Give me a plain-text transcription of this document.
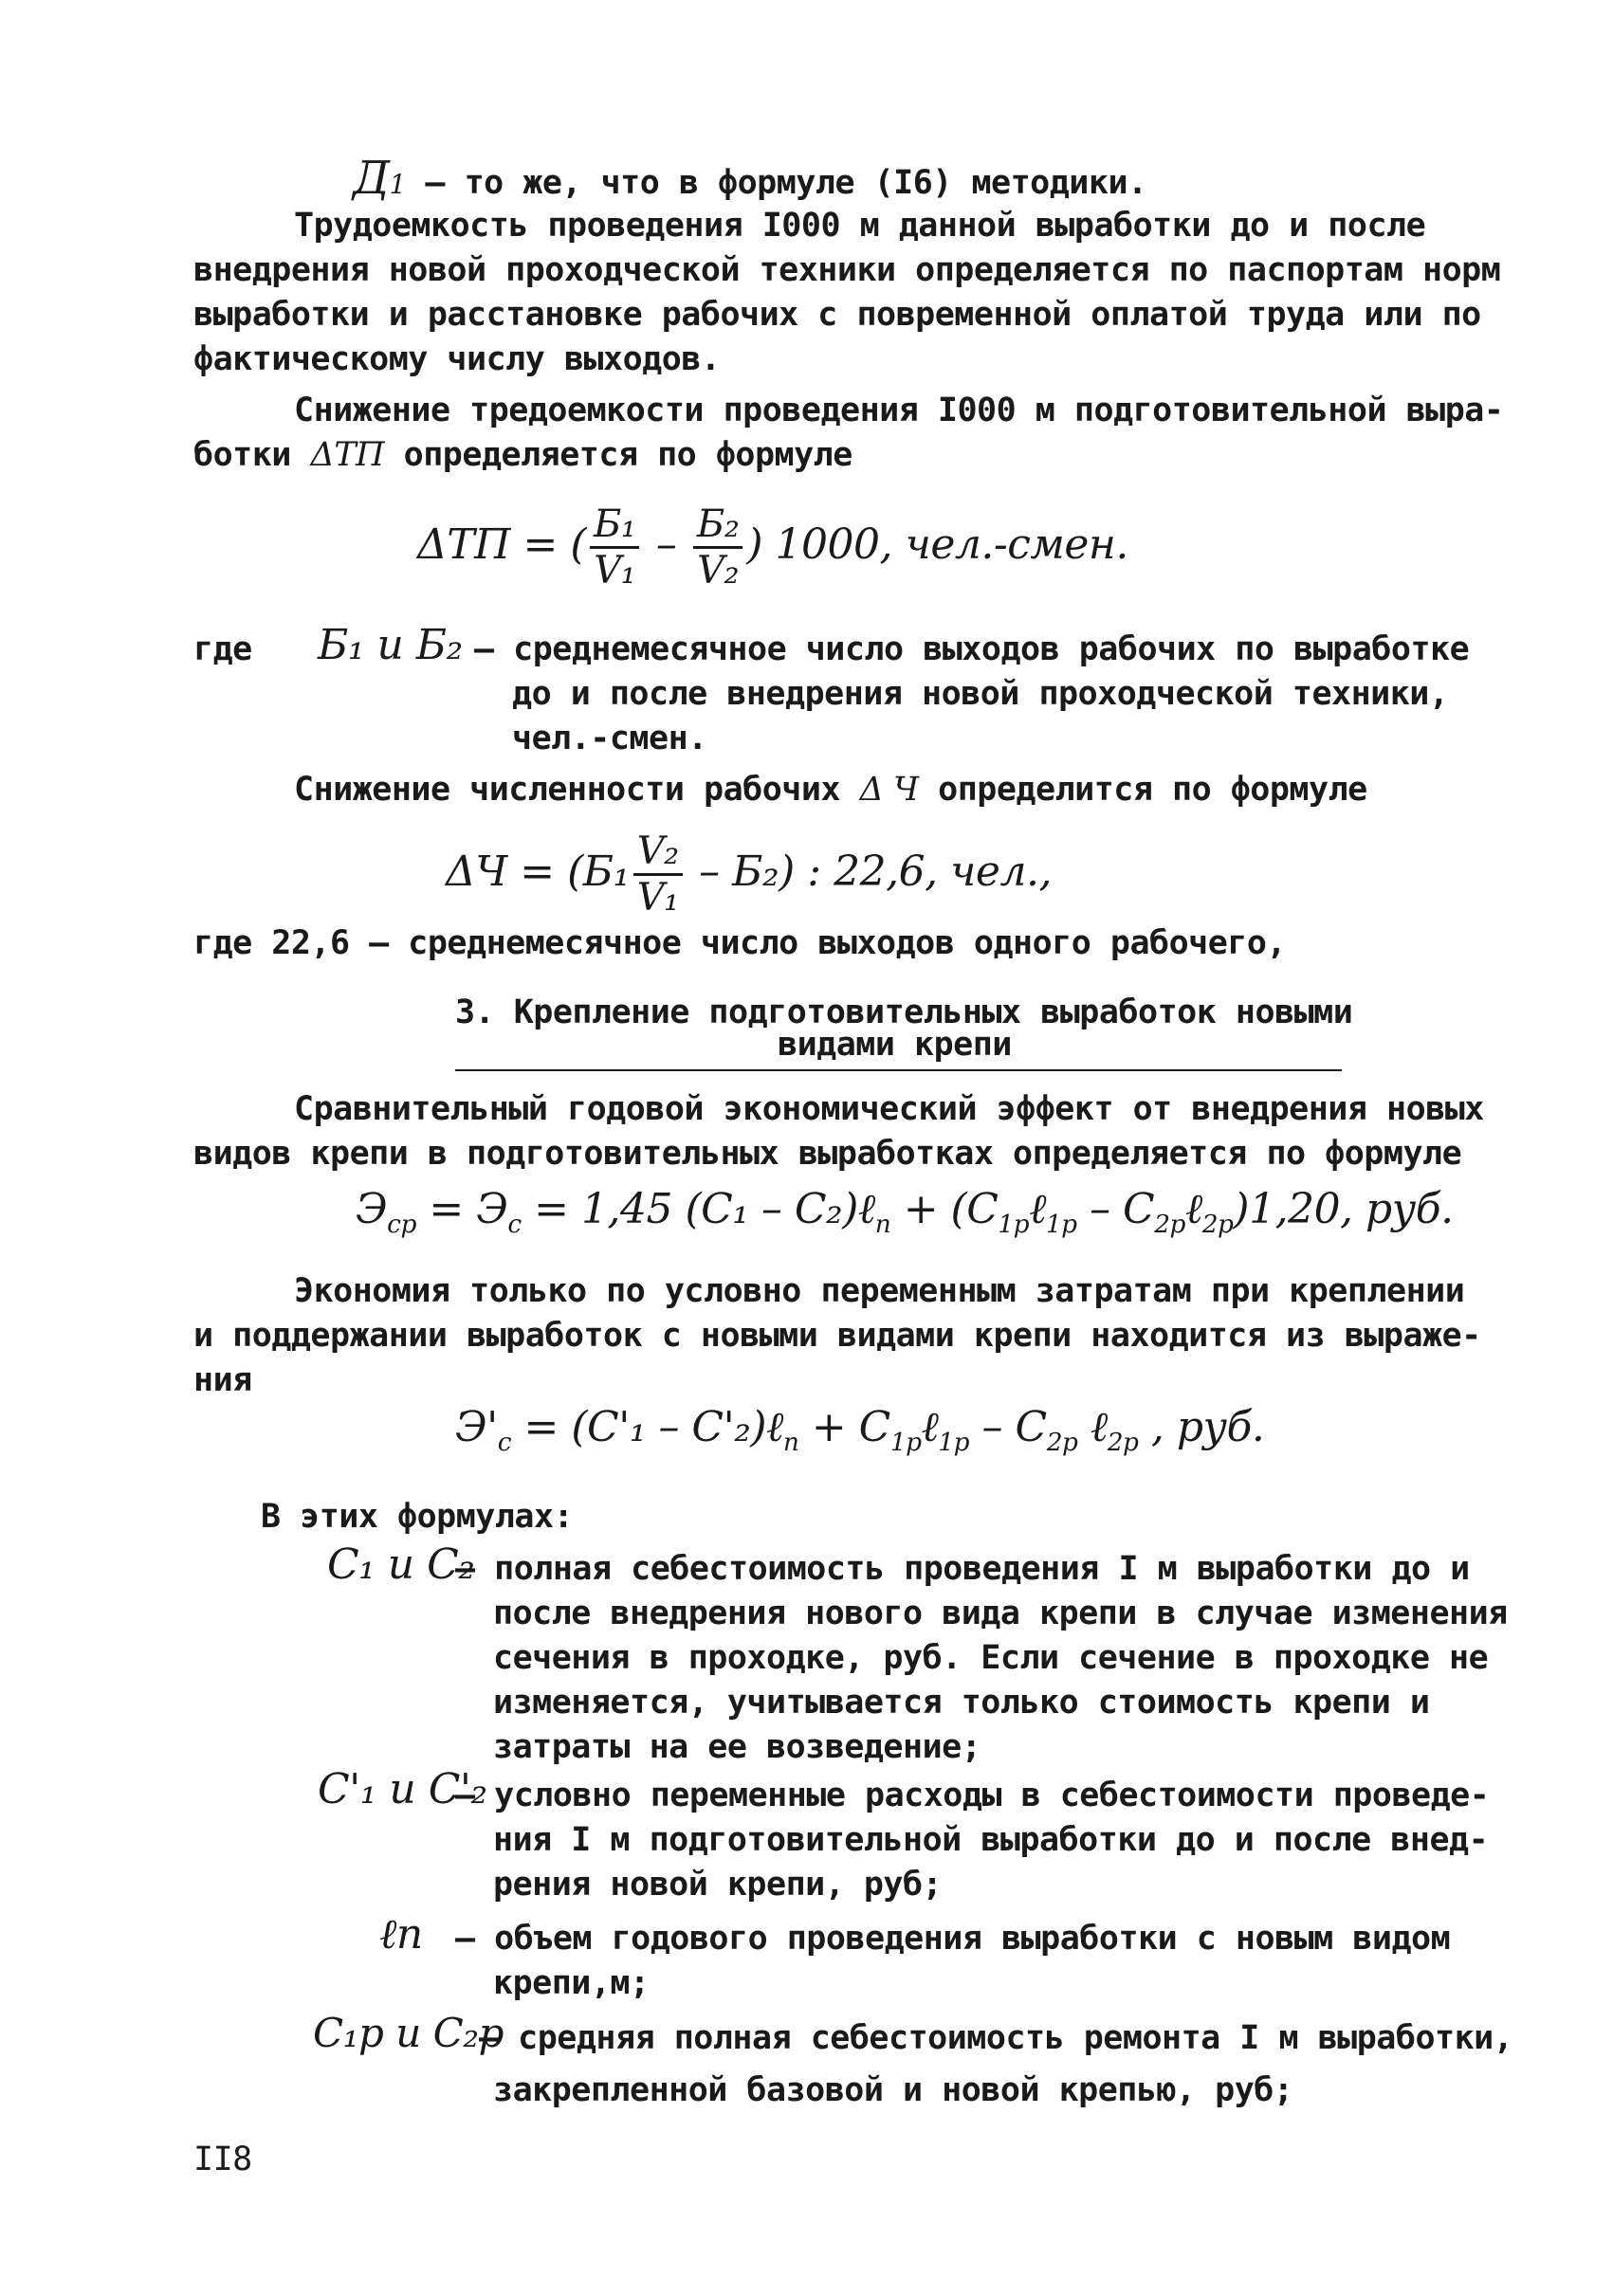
Д1 – то же, что в формуле (I6) методики.
Трудоемкость проведения I000 м данной выработки до и после
внедрения новой проходческой техники определяется по паспортам норм
выработки и расстановке рабочих с повременной оплатой труда или по
фактическому числу выходов.
Снижение тредоемкости проведения I000 м подготовительной выра-
ботки ΔТП определяется по формуле
ΔТП = ( $\frac{\text{Б₁}}{\text{V₁}} - \frac{\text{Б₂}}{\text{V₂}}$ ) 1000, чел.-смен.
где Б₁ и Б₂ – среднемесячное число выходов рабочих по выработке
до и после внедрения новой проходческой техники,
чел.-смен.
Снижение численности рабочих Δ Ч определится по формуле
$\Delta Ч = (Б_1 \frac{\text{V₂}}{\text{V₁}} - Б_2)$ : 22,6, чел.,
где 22,6 – среднемесячное число выходов одного рабочего,
3. Крепление подготовительных выработок новыми
видами крепи
Сравнительный годовой экономический эффект от внедрения новых
видов крепи в подготовительных выработках определяется по формуле
$Э_{ср} = Э_с = 1,45$ (С₁ – С₂)ℓ$_п$ + ($С_{1р}\ell_{1р}$ – $С_{2р}\ell_{2р})1,20$, руб.
Экономия только по условно переменным затратам при креплении
и поддержании выработок с новыми видами крепи находится из выраже-
ния
$Э'_с = (С'_1$ – С'₂)ℓ$_п$ + $С_{1р}\ell_{1р} - С_{2р}$ ℓ$_{2р}$ , руб.
В этих формулах:
С₁ и С₂
– полная себестоимость проведения I м выработки до и
после внедрения нового вида крепи в случае изменения
сечения в проходке, руб. Если сечение в проходке не
изменяется, учитывается только стоимость крепи и
затраты на ее возведение;
С'₁ и С'₂
– условно переменные расходы в себестоимости проведе-
ния I м подготовительной выработки до и после внед-
рения новой крепи, руб;
ℓп – объем годового проведения выработки с новым видом
крепи,м;
С₁р и С₂р
– средняя полная себестоимость ремонта I м выработки,
закрепленной базовой и новой крепью, руб;
II8
